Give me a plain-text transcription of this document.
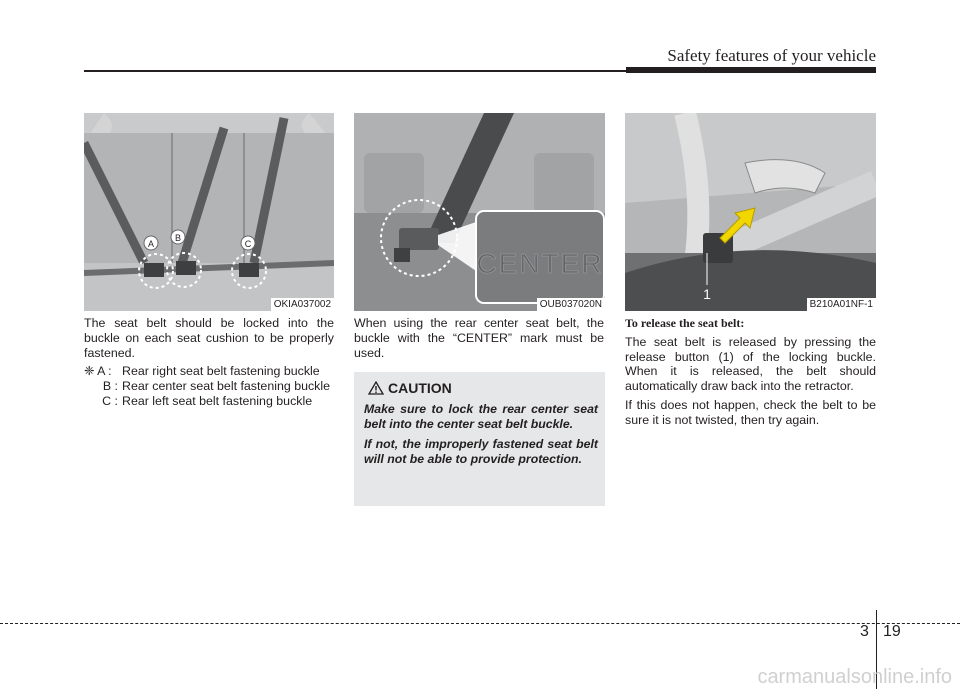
Safety features of your vehicle
A
B
C
OKIA037002
CENTER
OUB037020N
1
B210A01NF-1

The seat belt should be locked into the buckle on each seat cushion to be properly fastened.

❈ A : Rear right seat belt fastening buckle
B : Rear center seat belt fastening buckle
C : Rear left seat belt fastening buckle

When using the rear center seat belt, the buckle with the “CENTER” mark must be used.

CAUTION

Make sure to lock the rear center seat belt into the center seat belt buckle.

If not, the improperly fastened seat belt will not be able to provide protection.

To release the seat belt:

The seat belt is released by pressing the release button (1) of the locking buckle. When it is released, the belt should automatically draw back into the retractor.

If this does not happen, check the belt to be sure it is not twisted, then try again.

3 19
carmanualsonline.info
